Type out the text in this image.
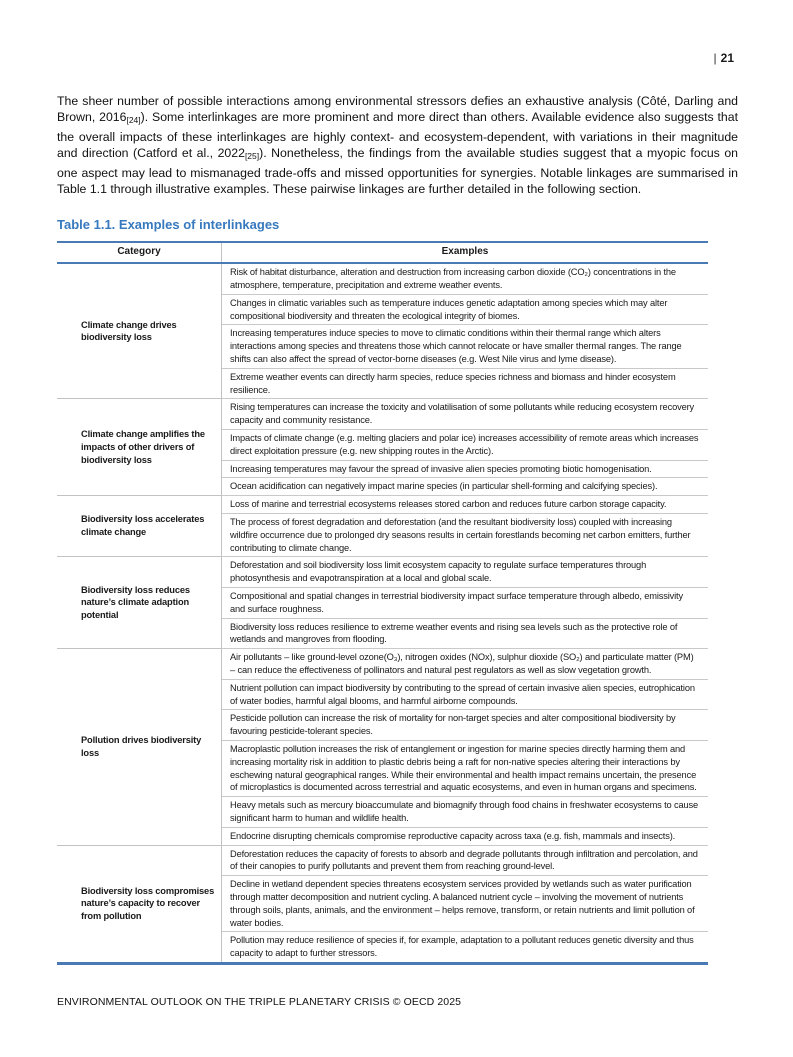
| 21

The sheer number of possible interactions among environmental stressors defies an exhaustive analysis (Côté, Darling and Brown, $2016_{[24]}$). Some interlinkages are more prominent and more direct than others. Available evidence also suggests that the overall impacts of these interlinkages are highly context- and ecosystem-dependent, with variations in their magnitude and direction (Catford et al., $2022_{[25]}$). Nonetheless, the findings from the available studies suggest that a myopic focus on one aspect may lead to mismanaged trade-offs and missed opportunities for synergies. Notable linkages are summarised in Table 1.1 through illustrative examples. These pairwise linkages are further detailed in the following section.

Table 1.1. Examples of interlinkages
Category	Examples
Climate change drives biodiversity loss	Risk of habitat disturbance, alteration and destruction from increasing carbon dioxide (CO₂) concentrations in the atmosphere, temperature, precipitation and extreme weather events.
	Changes in climatic variables such as temperature induces genetic adaptation among species which may alter compositional biodiversity and threaten the ecological integrity of biomes.
	Increasing temperatures induce species to move to climatic conditions within their thermal range which alters interactions among species and threatens those which cannot relocate or have smaller thermal ranges. The range shifts can also affect the spread of vector-borne diseases (e.g. West Nile virus and lyme disease).
	Extreme weather events can directly harm species, reduce species richness and biomass and hinder ecosystem resilience.
Climate change amplifies the impacts of other drivers of biodiversity loss	Rising temperatures can increase the toxicity and volatilisation of some pollutants while reducing ecosystem recovery capacity and community resistance.
	Impacts of climate change (e.g. melting glaciers and polar ice) increases accessibility of remote areas which increases direct exploitation pressure (e.g. new shipping routes in the Arctic).
	Increasing temperatures may favour the spread of invasive alien species promoting biotic homogenisation.
	Ocean acidification can negatively impact marine species (in particular shell-forming and calcifying species).
Biodiversity loss accelerates climate change	Loss of marine and terrestrial ecosystems releases stored carbon and reduces future carbon storage capacity.
	The process of forest degradation and deforestation (and the resultant biodiversity loss) coupled with increasing wildfire occurrence due to prolonged dry seasons results in certain forestlands becoming net carbon emitters, further contributing to climate change.
Biodiversity loss reduces nature’s climate adaption potential	Deforestation and soil biodiversity loss limit ecosystem capacity to regulate surface temperatures through photosynthesis and evapotranspiration at a local and global scale.
	Compositional and spatial changes in terrestrial biodiversity impact surface temperature through albedo, emissivity and surface roughness.
	Biodiversity loss reduces resilience to extreme weather events and rising sea levels such as the protective role of wetlands and mangroves from flooding.
Pollution drives biodiversity loss	Air pollutants – like ground-level ozone(O₃), nitrogen oxides (NOx), sulphur dioxide (SO₂) and particulate matter (PM) – can reduce the effectiveness of pollinators and natural pest regulators as well as slow vegetation growth.
	Nutrient pollution can impact biodiversity by contributing to the spread of certain invasive alien species, eutrophication of water bodies, harmful algal blooms, and harmful airborne compounds.
	Pesticide pollution can increase the risk of mortality for non-target species and alter compositional biodiversity by favouring pesticide-tolerant species.
	Macroplastic pollution increases the risk of entanglement or ingestion for marine species directly harming them and increasing mortality risk in addition to plastic debris being a raft for non-native species altering their interactions by eschewing natural geographical ranges. While their environmental and health impact remains uncertain, the presence of microplastics is documented across terrestrial and aquatic ecosystems, and even in human organs and specimens.
	Heavy metals such as mercury bioaccumulate and biomagnify through food chains in freshwater ecosystems to cause significant harm to human and wildlife health.
	Endocrine disrupting chemicals compromise reproductive capacity across taxa (e.g. fish, mammals and insects).
Biodiversity loss compromises nature’s capacity to recover from pollution	Deforestation reduces the capacity of forests to absorb and degrade pollutants through infiltration and percolation, and of their canopies to purify pollutants and prevent them from reaching ground-level.
	Decline in wetland dependent species threatens ecosystem services provided by wetlands such as water purification through matter decomposition and nutrient cycling. A balanced nutrient cycle – involving the movement of nutrients through soils, plants, animals, and the environment – helps remove, transform, or retain nutrients and limit pollution of water bodies.
	Pollution may reduce resilience of species if, for example, adaptation to a pollutant reduces genetic diversity and thus capacity to adapt to further stressors.
ENVIRONMENTAL OUTLOOK ON THE TRIPLE PLANETARY CRISIS © OECD 2025
